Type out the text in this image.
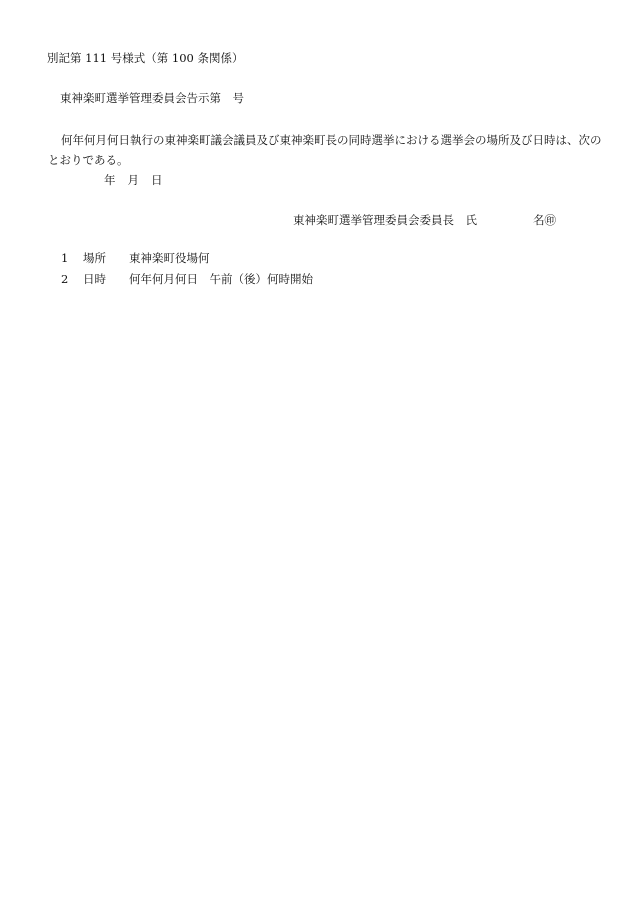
別記第 111 号様式（第 100 条関係）
東神楽町選挙管理委員会告示第　号
何年何月何日執行の東神楽町議会議員及び東神楽町長の同時選挙における選挙会の場所及び日時は、次のとおりである。
年 月 日
東神楽町選挙管理委員会委員長　氏	名㊞
1 場所 東神楽町役場何
2 日時 何年何月何日　午前（後）何時開始
